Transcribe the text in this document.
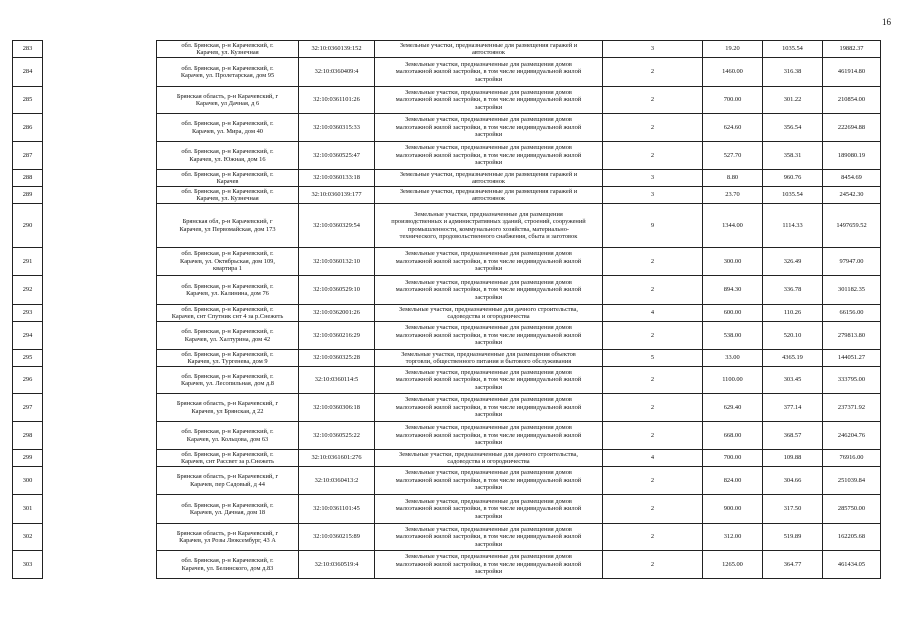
16
283		обл. Брянская, р-н Карачевский, г.
Карачев, ул. Кузнечная	32:10:0360139:152	Земельные участки, предназначенные для размещения гаражей и
автостоянок	3	19.20	1035.54	19882.37
284		обл. Брянская, р-н Карачевский, г.
Карачев, ул. Пролетарская, дом 95	32:10:0360409:4	Земельные участки, предназначенные для размещения домов
малоэтажной жилой застройки, в том числе индивидуальной жилой
застройки	2	1460.00	316.38	461914.80
285		Брянская область, р-н Карачевский, г
Карачев, ул Дачная, д 6	32:10:0361101:26	Земельные участки, предназначенные для размещения домов
малоэтажной жилой застройки, в том числе индивидуальной жилой
застройки	2	700.00	301.22	210854.00
286		обл. Брянская, р-н Карачевский, г.
Карачев, ул. Мира, дом 40	32:10:0360315:33	Земельные участки, предназначенные для размещения домов
малоэтажной жилой застройки, в том числе индивидуальной жилой
застройки	2	624.60	356.54	222694.88
287		обл. Брянская, р-н Карачевский, г.
Карачев, ул. Южная, дом 16	32:10:0360525:47	Земельные участки, предназначенные для размещения домов
малоэтажной жилой застройки, в том числе индивидуальной жилой
застройки	2	527.70	358.31	189080.19
288		обл. Брянская, р-н Карачевский, г.
Карачев	32:10:0360133:18	Земельные участки, предназначенные для размещения гаражей и
автостоянок	3	8.80	960.76	8454.69
289		обл. Брянская, р-н Карачевский, г.
Карачев, ул. Кузнечная	32:10:0360139:177	Земельные участки, предназначенные для размещения гаражей и
автостоянок	3	23.70	1035.54	24542.30
290		Брянская обл, р-н Карачевский, г
Карачев, ул Первомайская, дом 173	32:10:0360329:54	Земельные участки, предназначенные для размещения
производственных и административных зданий, строений, сооружений
промышленности, коммунального хозяйства, материально-
технического, продовольственного снабжения, сбыта и заготовок	9	1344.00	1114.33	1497659.52
291		обл. Брянская, р-н Карачевский, г.
Карачев, ул. Октябрьская, дом 109,
квартира 1	32:10:0360132:10	Земельные участки, предназначенные для размещения домов
малоэтажной жилой застройки, в том числе индивидуальной жилой
застройки	2	300.00	326.49	97947.00
292		обл. Брянская, р-н Карачевский, г.
Карачев, ул. Калинина, дом 76	32:10:0360529:10	Земельные участки, предназначенные для размещения домов
малоэтажной жилой застройки, в том числе индивидуальной жилой
застройки	2	894.30	336.78	301182.35
293		обл. Брянская, р-н Карачевский, г.
Карачев, снт Спутник снт 4 за р.Снежеть	32:10:0362001:26	Земельные участки, предназначенные для дачного строительства,
садоводства и огородничества	4	600.00	110.26	66156.00
294		обл. Брянская, р-н Карачевский, г.
Карачев, ул. Халтурина, дом 42	32:10:0360216:29	Земельные участки, предназначенные для размещения домов
малоэтажной жилой застройки, в том числе индивидуальной жилой
застройки	2	538.00	520.10	279813.80
295		обл. Брянская, р-н Карачевский, г.
Карачев, ул. Тургенева, дом 9	32:10:0360325:28	Земельные участки, предназначенные для размещения объектов
торговли, общественного питания и бытового обслуживания	5	33.00	4365.19	144051.27
296		обл. Брянская, р-н Карачевский, г.
Карачев, ул. Лесопильная, дом д.8	32:10:0360114:5	Земельные участки, предназначенные для размещения домов
малоэтажной жилой застройки, в том числе индивидуальной жилой
застройки	2	1100.00	303.45	333795.00
297		Брянская область, р-н Карачевский, г
Карачев, ул Брянская, д 22	32:10:0360306:18	Земельные участки, предназначенные для размещения домов
малоэтажной жилой застройки, в том числе индивидуальной жилой
застройки	2	629.40	377.14	237371.92
298		обл. Брянская, р-н Карачевский, г.
Карачев, ул. Кольцова, дом 63	32:10:0360525:22	Земельные участки, предназначенные для размещения домов
малоэтажной жилой застройки, в том числе индивидуальной жилой
застройки	2	668.00	368.57	246204.76
299		обл. Брянская, р-н Карачевский, г.
Карачев, снт Рассвет за р.Снежеть	32:10:0361601:276	Земельные участки, предназначенные для дачного строительства,
садоводства и огородничества	4	700.00	109.88	76916.00
300		Брянская область, р-н Карачевский, г
Карачев, пер Садовый, д 44	32:10:0360413:2	Земельные участки, предназначенные для размещения домов
малоэтажной жилой застройки, в том числе индивидуальной жилой
застройки	2	824.00	304.66	251039.84
301		обл. Брянская, р-н Карачевский, г.
Карачев, ул. Дачная, дом 18	32:10:0361101:45	Земельные участки, предназначенные для размещения домов
малоэтажной жилой застройки, в том числе индивидуальной жилой
застройки	2	900.00	317.50	285750.00
302		Брянская область, р-н Карачевский, г
Карачев, ул Розы Люксембург, 43 А	32:10:0360215:89	Земельные участки, предназначенные для размещения домов
малоэтажной жилой застройки, в том числе индивидуальной жилой
застройки	2	312.00	519.89	162205.68
303		обл. Брянская, р-н Карачевский, г.
Карачев, ул. Белинского, дом д.83	32:10:0360519:4	Земельные участки, предназначенные для размещения домов
малоэтажной жилой застройки, в том числе индивидуальной жилой
застройки	2	1265.00	364.77	461434.05
